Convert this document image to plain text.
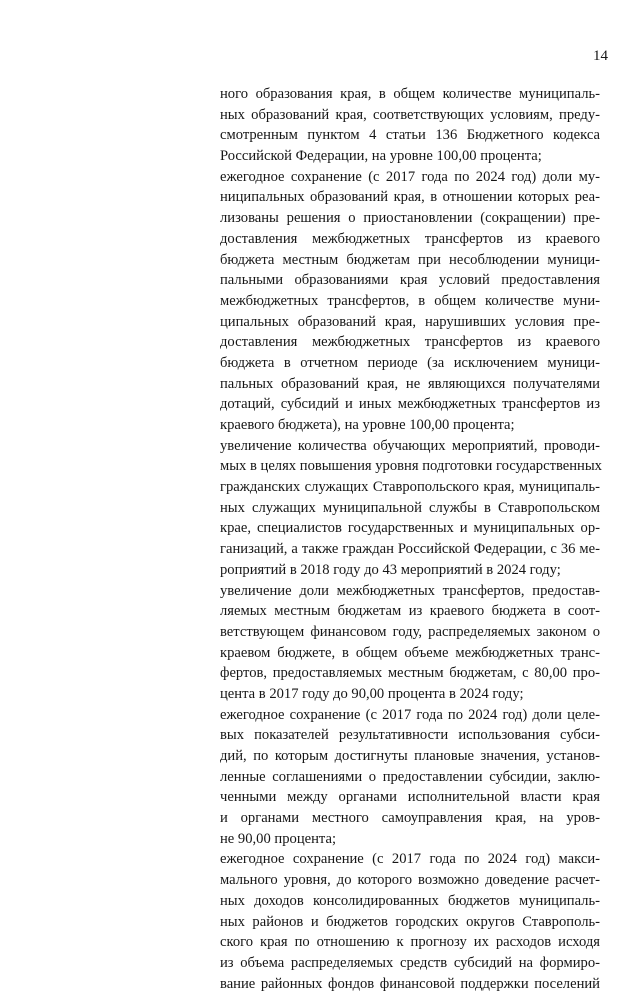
14
ного образования края, в общем количестве муниципаль-
ных образований края, соответствующих условиям, преду-
смотренным пунктом 4 статьи 136 Бюджетного кодекса
Российской Федерации, на уровне 100,00 процента;
ежегодное сохранение (с 2017 года по 2024 год) доли му-
ниципальных образований края, в отношении которых реа-
лизованы решения о приостановлении (сокращении) пре-
доставления межбюджетных трансфертов из краевого
бюджета местным бюджетам при несоблюдении муници-
пальными образованиями края условий предоставления
межбюджетных трансфертов, в общем количестве муни-
ципальных образований края, нарушивших условия пре-
доставления межбюджетных трансфертов из краевого
бюджета в отчетном периоде (за исключением муници-
пальных образований края, не являющихся получателями
дотаций, субсидий и иных межбюджетных трансфертов из
краевого бюджета), на уровне 100,00 процента;
увеличение количества обучающих мероприятий, проводи-
мых в целях повышения уровня подготовки государственных
гражданских служащих Ставропольского края, муниципаль-
ных служащих муниципальной службы в Ставропольском
крае, специалистов государственных и муниципальных ор-
ганизаций, а также граждан Российской Федерации, с 36 ме-
роприятий в 2018 году до 43 мероприятий в 2024 году;
увеличение доли межбюджетных трансфертов, предостав-
ляемых местным бюджетам из краевого бюджета в соот-
ветствующем финансовом году, распределяемых законом о
краевом бюджете, в общем объеме межбюджетных транс-
фертов, предоставляемых местным бюджетам, с 80,00 про-
цента в 2017 году до 90,00 процента в 2024 году;
ежегодное сохранение (с 2017 года по 2024 год) доли целе-
вых показателей результативности использования субси-
дий, по которым достигнуты плановые значения, установ-
ленные соглашениями о предоставлении субсидии, заклю-
ченными между органами исполнительной власти края
и органами местного самоуправления края, на уров-
не 90,00 процента;
ежегодное сохранение (с 2017 года по 2024 год) макси-
мального уровня, до которого возможно доведение расчет-
ных доходов консолидированных бюджетов муниципаль-
ных районов и бюджетов городских округов Ставрополь-
ского края по отношению к прогнозу их расходов исходя
из объема распределяемых средств субсидий на формиро-
вание районных фондов финансовой поддержки поселений
